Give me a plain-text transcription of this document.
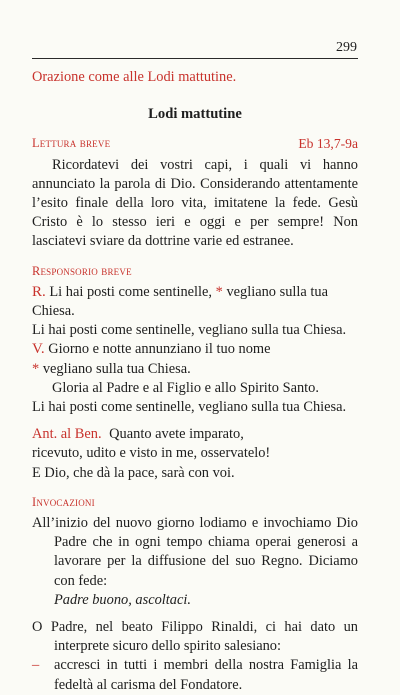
299

Orazione come alle Lodi mattutine.

Lodi mattutine

Lettura breve	Eb 13,7-9a

Ricordatevi dei vostri capi, i quali vi hanno annunciato la parola di Dio. Considerando attentamente l’esito finale della loro vita, imitatene la fede. Gesù Cristo è lo stesso ieri e oggi e per sempre! Non lasciatevi sviare da dottrine varie ed estranee.

Responsorio breve

R. Li hai posti come sentinelle, * vegliano sulla tua Chiesa.

Li hai posti come sentinelle, vegliano sulla tua Chiesa.

V. Giorno e notte annunziano il tuo nome

* vegliano sulla tua Chiesa.

Gloria al Padre e al Figlio e allo Spirito Santo.

Li hai posti come sentinelle, vegliano sulla tua Chiesa.

Ant. al Ben. Quanto avete imparato,

ricevuto, udito e visto in me, osservatelo!

E Dio, che dà la pace, sarà con voi.

Invocazioni

All’inizio del nuovo giorno lodiamo e invochiamo Dio Padre che in ogni tempo chiama operai generosi a lavorare per la diffusione del suo Regno. Diciamo con fede:

Padre buono, ascoltaci.

O Padre, nel beato Filippo Rinaldi, ci hai dato un interprete sicuro dello spirito salesiano:

–	accresci in tutti i membri della nostra Famiglia la fedeltà al carisma del Fondatore.
